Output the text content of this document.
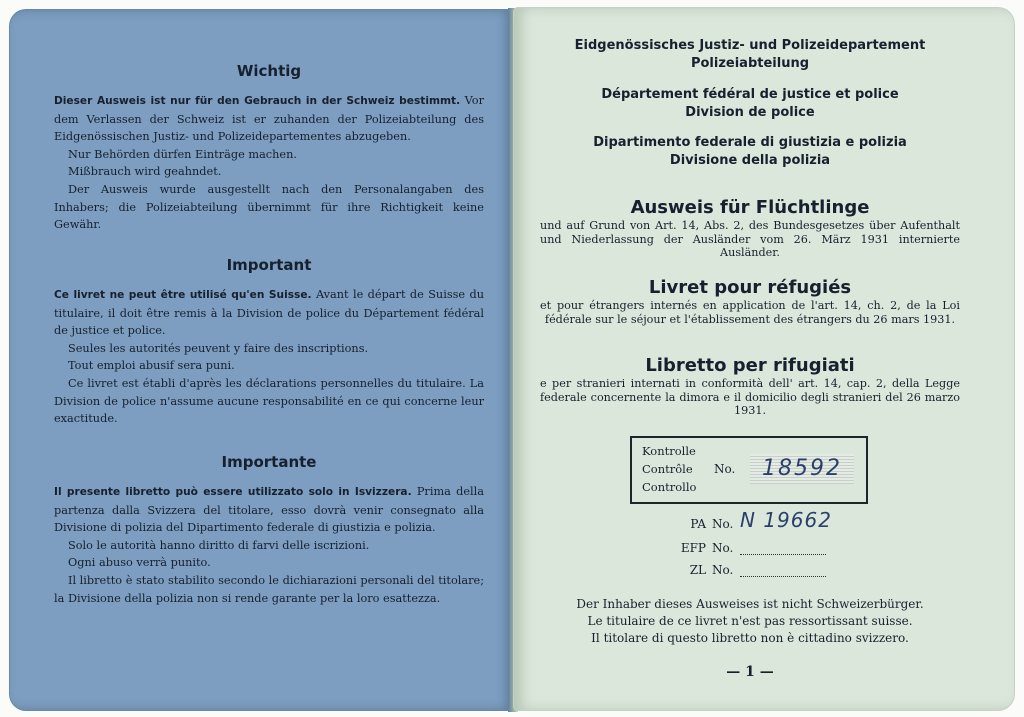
Wichtig

Dieser Ausweis ist nur für den Gebrauch in der Schweiz bestimmt. Vor dem Verlassen der Schweiz ist er zuhanden der Polizeiabteilung des Eidgenössischen Justiz- und Polizeidepartementes abzugeben.

Nur Behörden dürfen Einträge machen.

Mißbrauch wird geahndet.

Der Ausweis wurde ausgestellt nach den Personalangaben des Inhabers; die Polizeiabteilung übernimmt für ihre Richtigkeit keine Gewähr.

Important

Ce livret ne peut être utilisé qu'en Suisse. Avant le départ de Suisse du titulaire, il doit être remis à la Division de police du Département fédéral de justice et police.

Seules les autorités peuvent y faire des inscriptions.

Tout emploi abusif sera puni.

Ce livret est établi d'après les déclarations personnelles du titulaire. La Division de police n'assume aucune responsabilité en ce qui concerne leur exactitude.

Importante

Il presente libretto può essere utilizzato solo in Isvizzera. Prima della partenza dalla Svizzera del titolare, esso dovrà venir consegnato alla Divisione di polizia del Dipartimento federale di giustizia e polizia.

Solo le autorità hanno diritto di farvi delle iscrizioni.

Ogni abuso verrà punito.

Il libretto è stato stabilito secondo le dichiarazioni personali del titolare; la Divisione della polizia non si rende garante per la loro esattezza.

Eidgenössisches Justiz- und Polizeidepartement
Polizeiabteilung
Département fédéral de justice et police
Division de police
Dipartimento federale di giustizia e polizia
Divisione della polizia
Ausweis für Flüchtlinge
und auf Grund von Art. 14, Abs. 2, des Bundesgesetzes über Aufenthalt und Niederlassung der Ausländer vom 26. März 1931 internierte Ausländer.
Livret pour réfugiés
et pour étrangers internés en application de l'art. 14, ch. 2, de la Loi fédérale sur le séjour et l'établissement des étrangers du 26 mars 1931.
Libretto per rifugiati
e per stranieri internati in conformità dell' art. 14, cap. 2, della Legge federale concernente la dimora e il domicilio degli stranieri del 26 marzo 1931.
Kontrolle
Contrôle
Controllo
No.	18592
PA No. N 19662
EFP No.
ZL No.
Der Inhaber dieses Ausweises ist nicht Schweizerbürger.
Le titulaire de ce livret n'est pas ressortissant suisse.
Il titolare di questo libretto non è cittadino svizzero.
— 1 —
